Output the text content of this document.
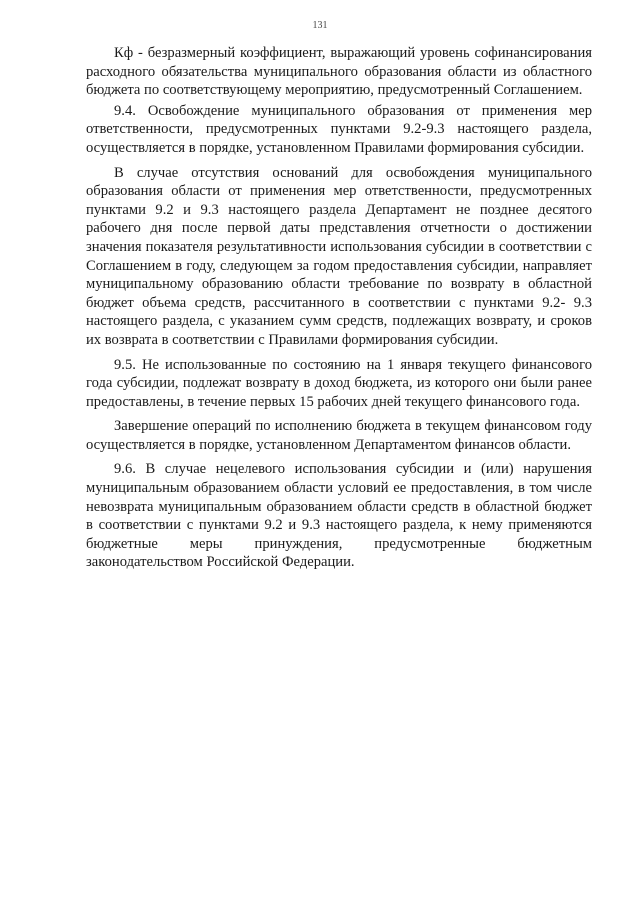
131

Кф - безразмерный коэффициент, выражающий уровень софинансирования расходного обязательства муниципального образования области из областного бюджета по соответствующему мероприятию, предусмотренный Соглашением.

9.4. Освобождение муниципального образования от применения мер ответственности, предусмотренных пунктами 9.2-9.3 настоящего раздела, осуществляется в порядке, установленном Правилами формирования субсидии.

В случае отсутствия оснований для освобождения муниципального образования области от применения мер ответственности, предусмотренных пунктами 9.2 и 9.3 настоящего раздела Департамент не позднее десятого рабочего дня после первой даты представления отчетности о достижении значения показателя результативности использования субсидии в соответствии с Соглашением в году, следующем за годом предоставления субсидии, направляет муниципальному образованию области требование по возврату в областной бюджет объема средств, рассчитанного в соответствии с пунктами 9.2- 9.3 настоящего раздела, с указанием сумм средств, подлежащих возврату, и сроков их возврата в соответствии с Правилами формирования субсидии.

9.5. Не использованные по состоянию на 1 января текущего финансового года субсидии, подлежат возврату в доход бюджета, из которого они были ранее предоставлены, в течение первых 15 рабочих дней текущего финансового года.

Завершение операций по исполнению бюджета в текущем финансовом году осуществляется в порядке, установленном Департаментом финансов области.

9.6. В случае нецелевого использования субсидии и (или) нарушения муниципальным образованием области условий ее предоставления, в том числе невозврата муниципальным образованием области средств в областной бюджет в соответствии с пунктами 9.2 и 9.3 настоящего раздела, к нему применяются бюджетные меры принуждения, предусмотренные бюджетным законодательством Российской Федерации.
